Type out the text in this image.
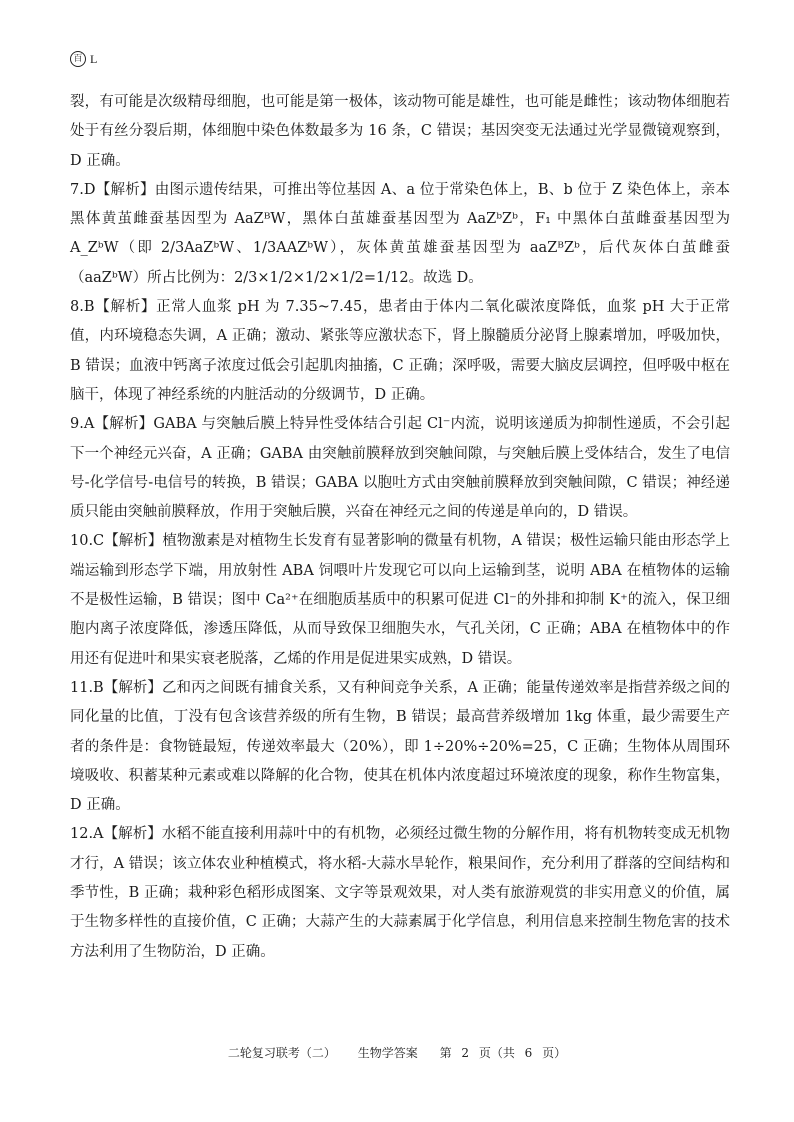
百 L

裂，有可能是次级精母细胞，也可能是第一极体，该动物可能是雄性，也可能是雌性；该动物体细胞若处于有丝分裂后期，体细胞中染色体数最多为 16 条，C 错误；基因突变无法通过光学显微镜观察到，D 正确。

7.D【解析】由图示遗传结果，可推出等位基因 A、a 位于常染色体上，B、b 位于 Z 染色体上，亲本黑体黄茧雌蚕基因型为 AaZᴮW，黑体白茧雄蚕基因型为 AaZᵇZᵇ，F₁ 中黑体白茧雌蚕基因型为 A_ZᵇW（即 2/3AaZᵇW、1/3AAZᵇW），灰体黄茧雄蚕基因型为 aaZᴮZᵇ，后代灰体白茧雌蚕（aaZᵇW）所占比例为：2/3×1/2×1/2×1/2=1/12。故选 D。

8.B【解析】正常人血浆 pH 为 7.35~7.45，患者由于体内二氧化碳浓度降低，血浆 pH 大于正常值，内环境稳态失调，A 正确；激动、紧张等应激状态下，肾上腺髓质分泌肾上腺素增加，呼吸加快，B 错误；血液中钙离子浓度过低会引起肌肉抽搐，C 正确；深呼吸，需要大脑皮层调控，但呼吸中枢在脑干，体现了神经系统的内脏活动的分级调节，D 正确。

9.A【解析】GABA 与突触后膜上特异性受体结合引起 Cl⁻内流，说明该递质为抑制性递质，不会引起下一个神经元兴奋，A 正确；GABA 由突触前膜释放到突触间隙，与突触后膜上受体结合，发生了电信号-化学信号-电信号的转换，B 错误；GABA 以胞吐方式由突触前膜释放到突触间隙，C 错误；神经递质只能由突触前膜释放，作用于突触后膜，兴奋在神经元之间的传递是单向的，D 错误。

10.C【解析】植物激素是对植物生长发育有显著影响的微量有机物，A 错误；极性运输只能由形态学上端运输到形态学下端，用放射性 ABA 饲喂叶片发现它可以向上运输到茎，说明 ABA 在植物体的运输不是极性运输，B 错误；图中 Ca²⁺在细胞质基质中的积累可促进 Cl⁻的外排和抑制 K⁺的流入，保卫细胞内离子浓度降低，渗透压降低，从而导致保卫细胞失水，气孔关闭，C 正确；ABA 在植物体中的作用还有促进叶和果实衰老脱落，乙烯的作用是促进果实成熟，D 错误。

11.B【解析】乙和丙之间既有捕食关系，又有种间竞争关系，A 正确；能量传递效率是指营养级之间的同化量的比值，丁没有包含该营养级的所有生物，B 错误；最高营养级增加 1kg 体重，最少需要生产者的条件是：食物链最短，传递效率最大（20%），即 1÷20%÷20%=25，C 正确；生物体从周围环境吸收、积蓄某种元素或难以降解的化合物，使其在机体内浓度超过环境浓度的现象，称作生物富集，D 正确。

12.A【解析】水稻不能直接利用蒜叶中的有机物，必须经过微生物的分解作用，将有机物转变成无机物才行，A 错误；该立体农业种植模式，将水稻-大蒜水旱轮作，粮果间作，充分利用了群落的空间结构和季节性，B 正确；栽种彩色稻形成图案、文字等景观效果，对人类有旅游观赏的非实用意义的价值，属于生物多样性的直接价值，C 正确；大蒜产生的大蒜素属于化学信息，利用信息来控制生物危害的技术方法利用了生物防治，D 正确。

二轮复习联考（二） 生物学答案 第 2 页（共 6 页）
